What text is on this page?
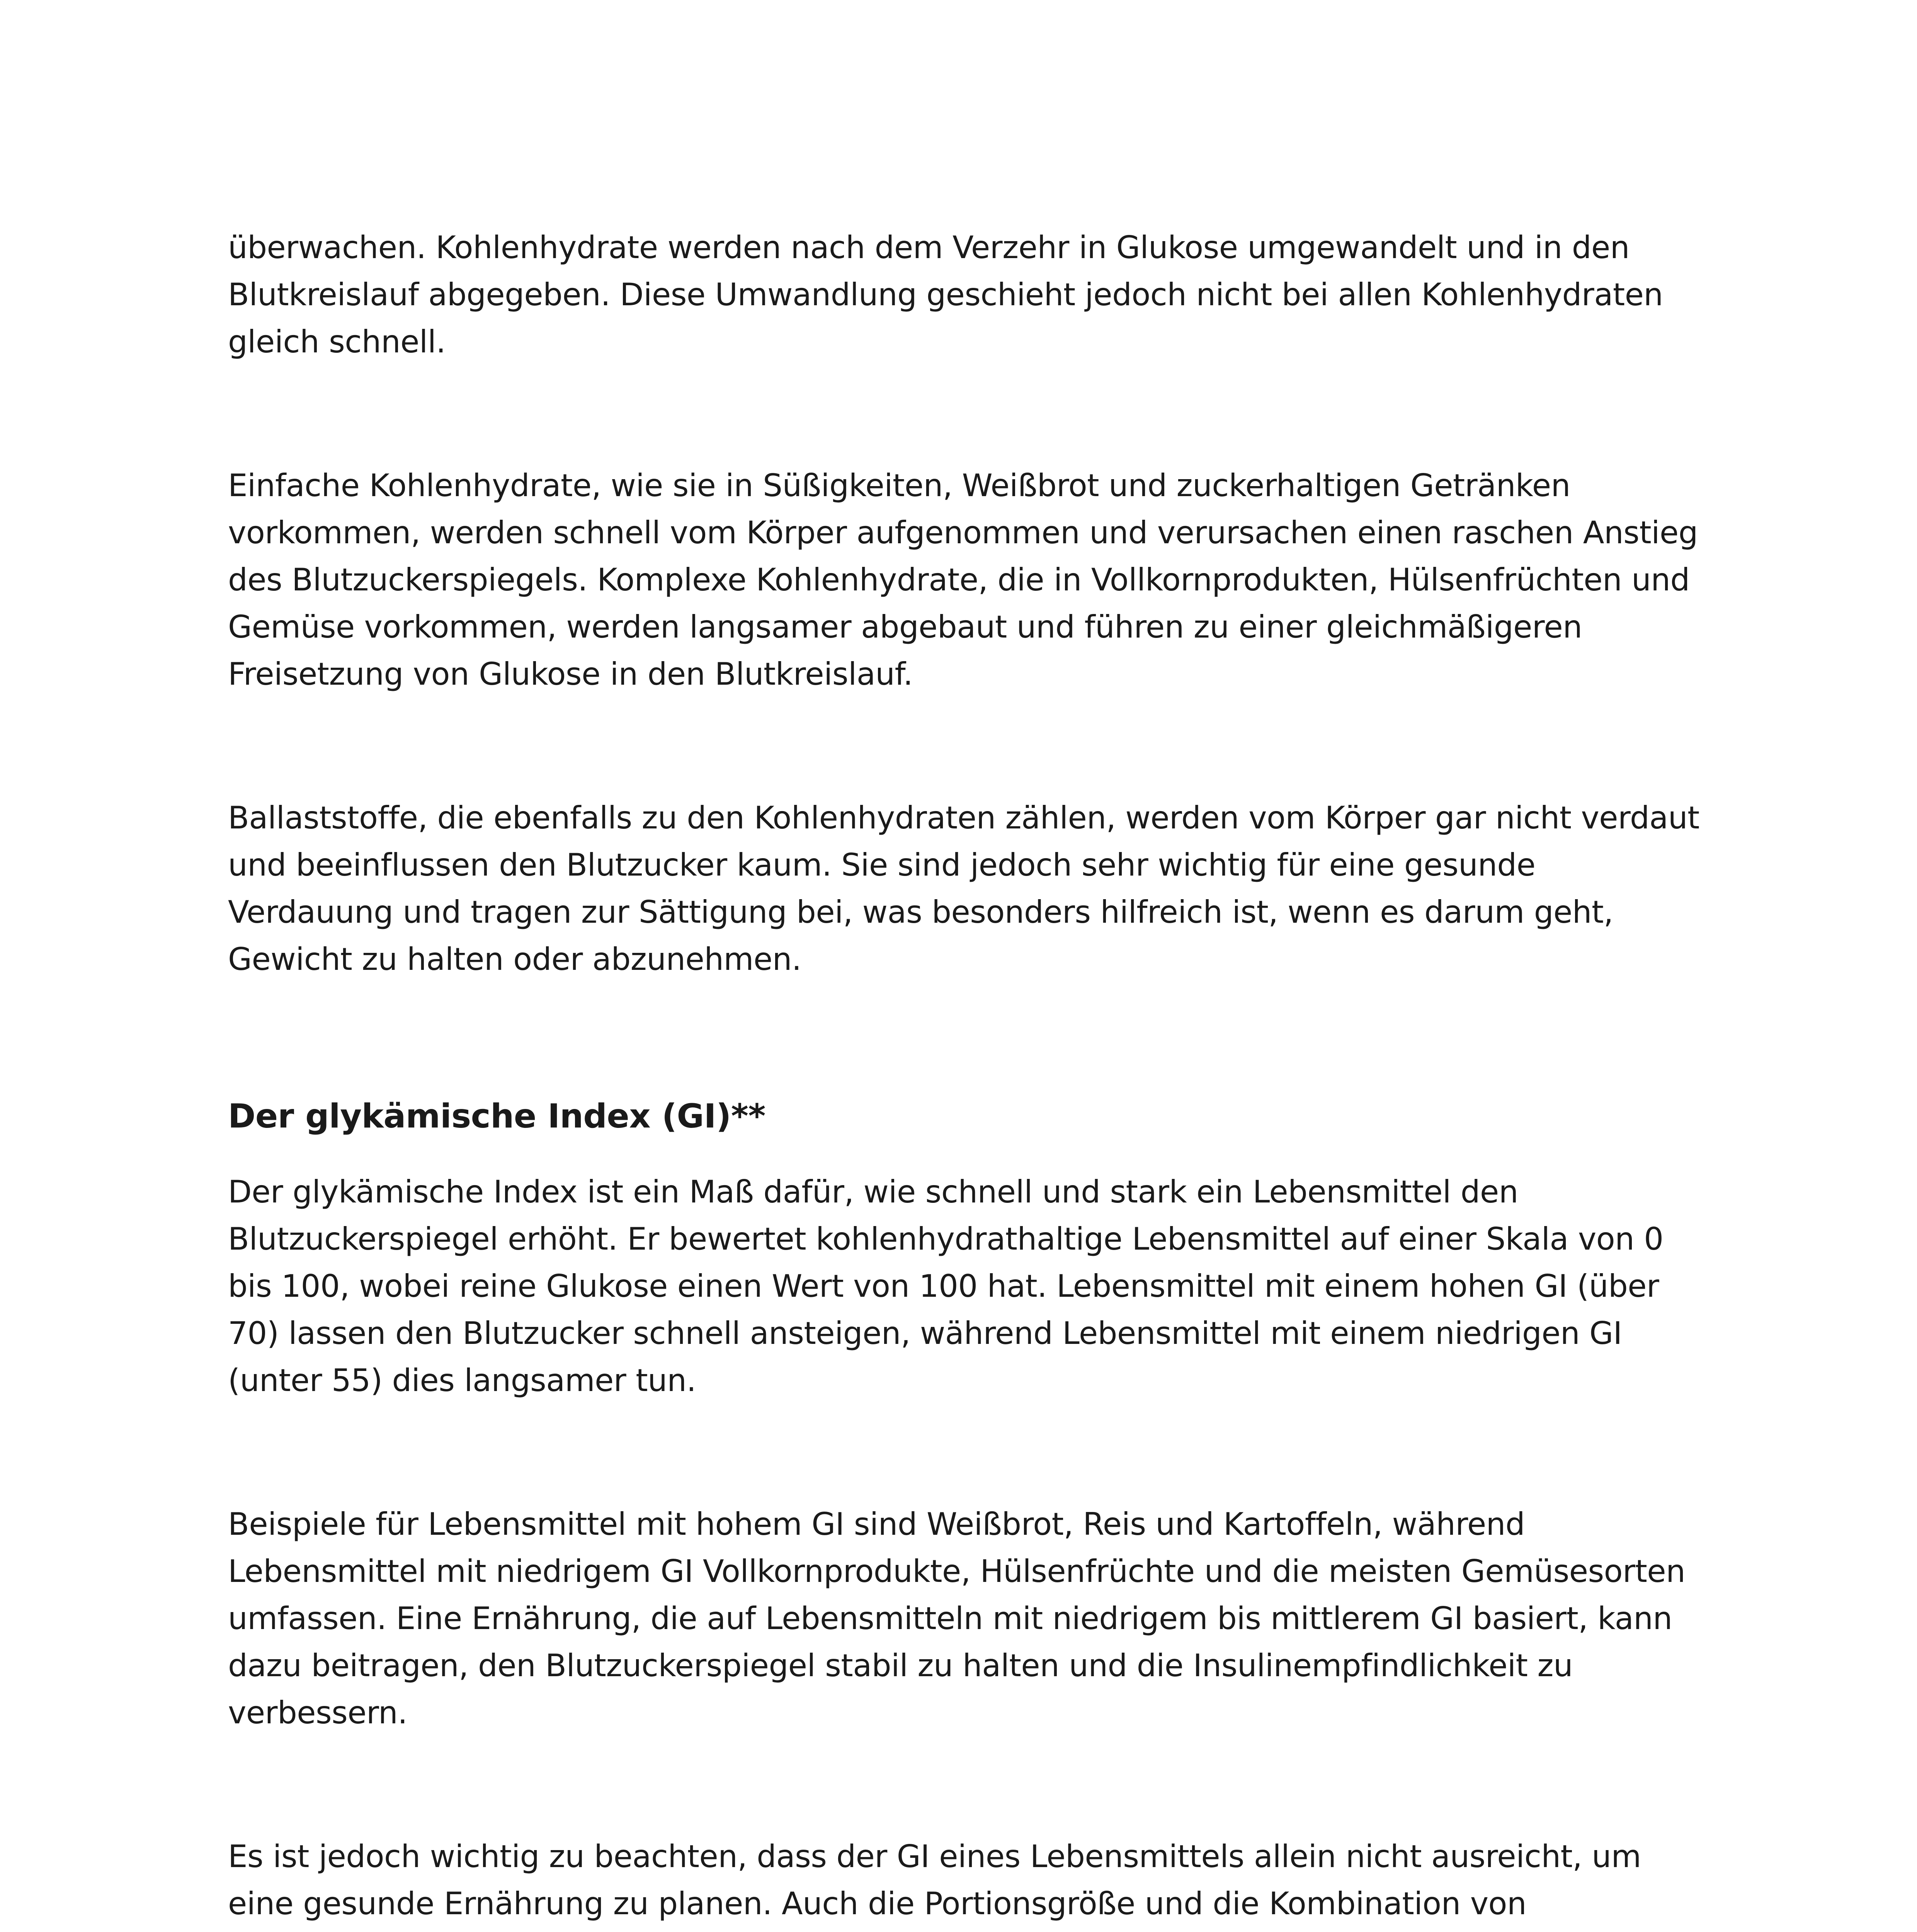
überwachen. Kohlenhydrate werden nach dem Verzehr in Glukose umgewandelt und in den Blutkreislauf abgegeben. Diese Umwandlung geschieht jedoch nicht bei allen Kohlenhydraten gleich schnell.

Einfache Kohlenhydrate, wie sie in Süßigkeiten, Weißbrot und zuckerhaltigen Getränken vorkommen, werden schnell vom Körper aufgenommen und verursachen einen raschen Anstieg des Blutzuckerspiegels. Komplexe Kohlenhydrate, die in Vollkornprodukten, Hülsenfrüchten und Gemüse vorkommen, werden langsamer abgebaut und führen zu einer gleichmäßigeren Freisetzung von Glukose in den Blutkreislauf.

Ballaststoffe, die ebenfalls zu den Kohlenhydraten zählen, werden vom Körper gar nicht verdaut und beeinflussen den Blutzucker kaum. Sie sind jedoch sehr wichtig für eine gesunde Verdauung und tragen zur Sättigung bei, was besonders hilfreich ist, wenn es darum geht, Gewicht zu halten oder abzunehmen.

Der glykämische Index (GI)**

Der glykämische Index ist ein Maß dafür, wie schnell und stark ein Lebensmittel den Blutzuckerspiegel erhöht. Er bewertet kohlenhydrathaltige Lebensmittel auf einer Skala von 0 bis 100, wobei reine Glukose einen Wert von 100 hat. Lebensmittel mit einem hohen GI (über 70) lassen den Blutzucker schnell ansteigen, während Lebensmittel mit einem niedrigen GI (unter 55) dies langsamer tun.

Beispiele für Lebensmittel mit hohem GI sind Weißbrot, Reis und Kartoffeln, während Lebensmittel mit niedrigem GI Vollkornprodukte, Hülsenfrüchte und die meisten Gemüsesorten umfassen. Eine Ernährung, die auf Lebensmitteln mit niedrigem bis mittlerem GI basiert, kann dazu beitragen, den Blutzuckerspiegel stabil zu halten und die Insulinempfindlichkeit zu verbessern.

Es ist jedoch wichtig zu beachten, dass der GI eines Lebensmittels allein nicht ausreicht, um eine gesunde Ernährung zu planen. Auch die Portionsgröße und die Kombination von
